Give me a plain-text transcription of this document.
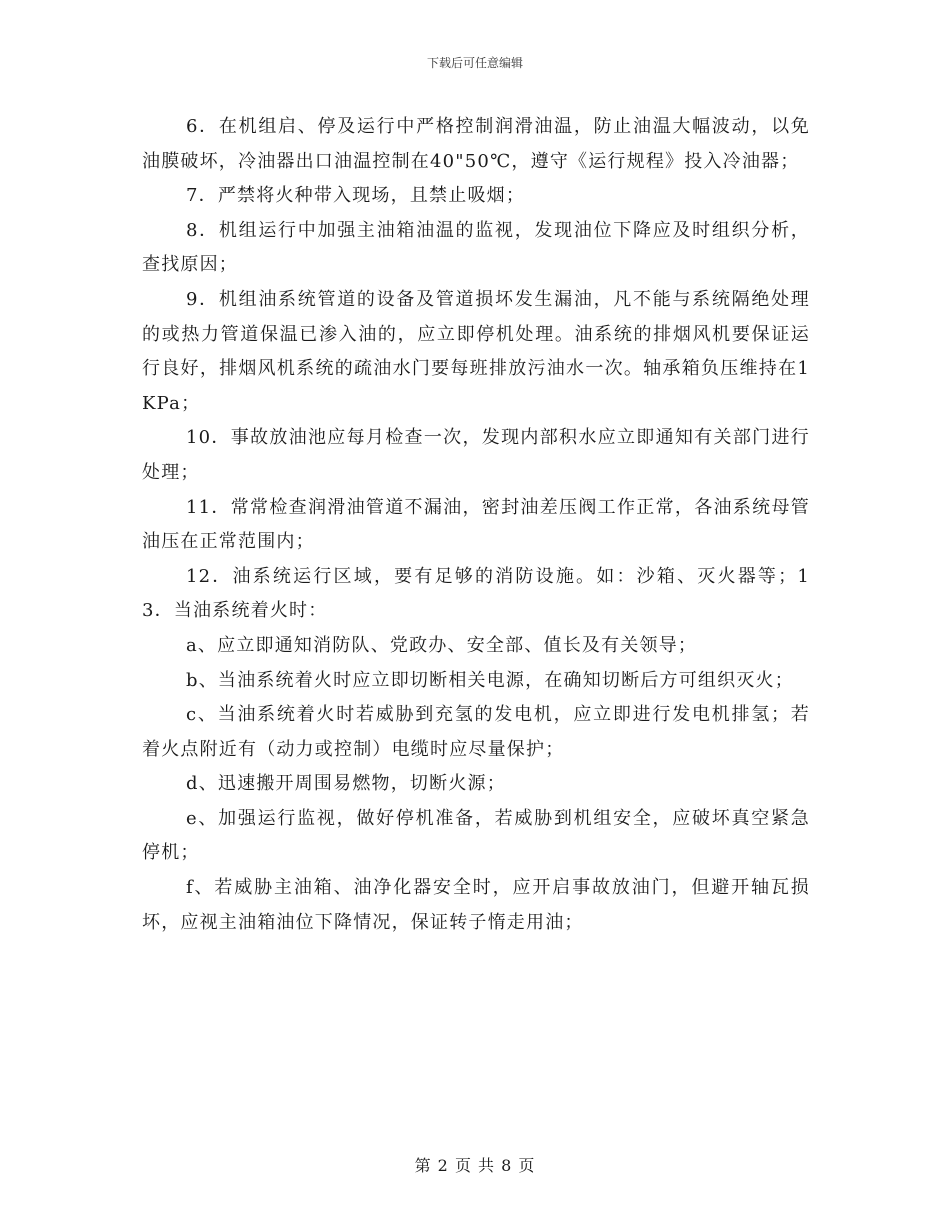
下载后可任意编辑

6．在机组启、停及运行中严格控制润滑油温，防止油温大幅波动，以免油膜破坏，冷油器出口油温控制在40"50℃，遵守《运行规程》投入冷油器；

7．严禁将火种带入现场，且禁止吸烟；

8．机组运行中加强主油箱油温的监视，发现油位下降应及时组织分析，查找原因；

9．机组油系统管道的设备及管道损坏发生漏油，凡不能与系统隔绝处理的或热力管道保温已渗入油的，应立即停机处理。油系统的排烟风机要保证运行良好，排烟风机系统的疏油水门要每班排放污油水一次。轴承箱负压维持在1KPa；

10．事故放油池应每月检查一次，发现内部积水应立即通知有关部门进行处理；

11．常常检查润滑油管道不漏油，密封油差压阀工作正常，各油系统母管油压在正常范围内；

12．油系统运行区域，要有足够的消防设施。如：沙箱、灭火器等；13．当油系统着火时：

a、应立即通知消防队、党政办、安全部、值长及有关领导；

b、当油系统着火时应立即切断相关电源，在确知切断后方可组织灭火；

c、当油系统着火时若威胁到充氢的发电机，应立即进行发电机排氢；若着火点附近有（动力或控制）电缆时应尽量保护；

d、迅速搬开周围易燃物，切断火源；

e、加强运行监视，做好停机准备，若威胁到机组安全，应破坏真空紧急停机；

f、若威胁主油箱、油净化器安全时，应开启事故放油门，但避开轴瓦损坏，应视主油箱油位下降情况，保证转子惰走用油；

第 2 页 共 8 页
